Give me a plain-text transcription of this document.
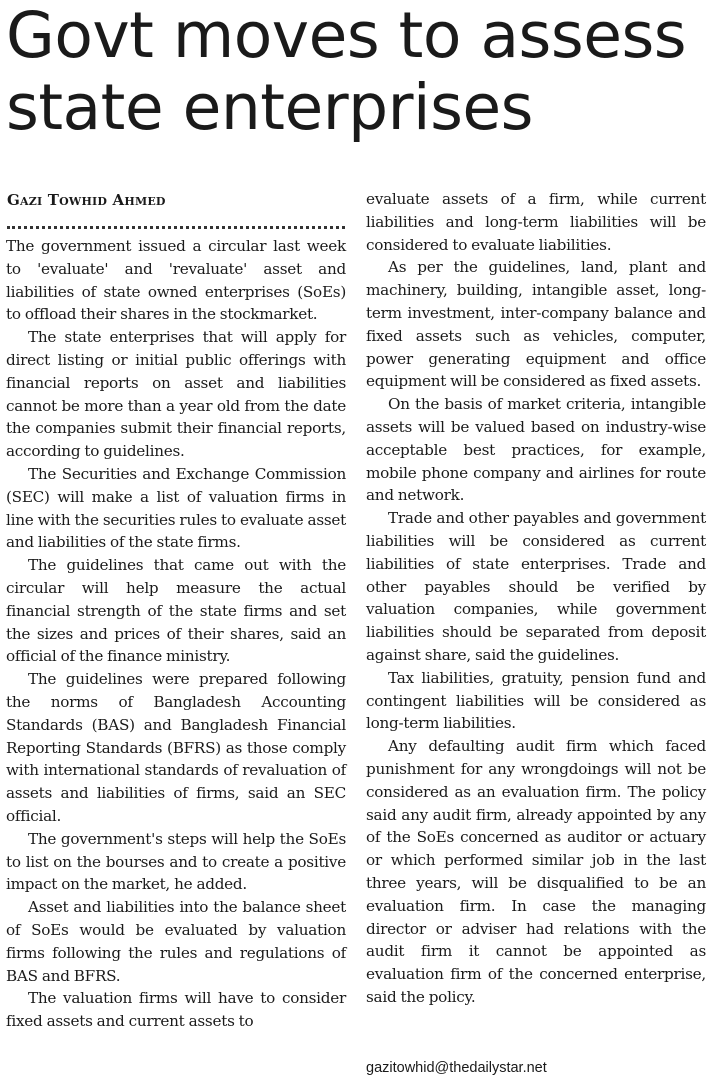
Govt moves to assess
state enterprises
Gazi Towhid Ahmed

The government issued a circular last week to 'evaluate' and 'revaluate' asset and liabilities of state owned enterprises (SoEs) to offload their shares in the stockmarket.

The state enterprises that will apply for direct listing or initial public offerings with financial reports on asset and liabilities cannot be more than a year old from the date the companies submit their financial reports, according to guidelines.

The Securities and Exchange Commission (SEC) will make a list of valuation firms in line with the securities rules to evaluate asset and liabilities of the state firms.

The guidelines that came out with the circular will help measure the actual financial strength of the state firms and set the sizes and prices of their shares, said an official of the finance ministry.

The guidelines were prepared following the norms of Bangladesh Accounting Standards (BAS) and Bangladesh Financial Reporting Standards (BFRS) as those comply with international standards of revaluation of assets and liabilities of firms, said an SEC official.

The government's steps will help the SoEs to list on the bourses and to create a positive impact on the market, he added.

Asset and liabilities into the balance sheet of SoEs would be evaluated by valuation firms following the rules and regulations of BAS and BFRS.

The valuation firms will have to consider fixed assets and current assets to

evaluate assets of a firm, while current liabilities and long-term liabilities will be considered to evaluate liabilities.

As per the guidelines, land, plant and machinery, building, intangible asset, long-term investment, inter-company balance and fixed assets such as vehicles, computer, power generating equipment and office equipment will be considered as fixed assets.

On the basis of market criteria, intangible assets will be valued based on industry-wise acceptable best practices, for example, mobile phone company and airlines for route and network.

Trade and other payables and government liabilities will be considered as current liabilities of state enterprises. Trade and other payables should be verified by valuation companies, while government liabilities should be separated from deposit against share, said the guidelines.

Tax liabilities, gratuity, pension fund and contingent liabilities will be considered as long-term liabilities.

Any defaulting audit firm which faced punishment for any wrongdoings will not be considered as an evaluation firm. The policy said any audit firm, already appointed by any of the SoEs concerned as auditor or actuary or which performed similar job in the last three years, will be disqualified to be an evaluation firm. In case the managing director or adviser had relations with the audit firm it cannot be appointed as evaluation firm of the concerned enterprise, said the policy.

gazitowhid@thedailystar.net
